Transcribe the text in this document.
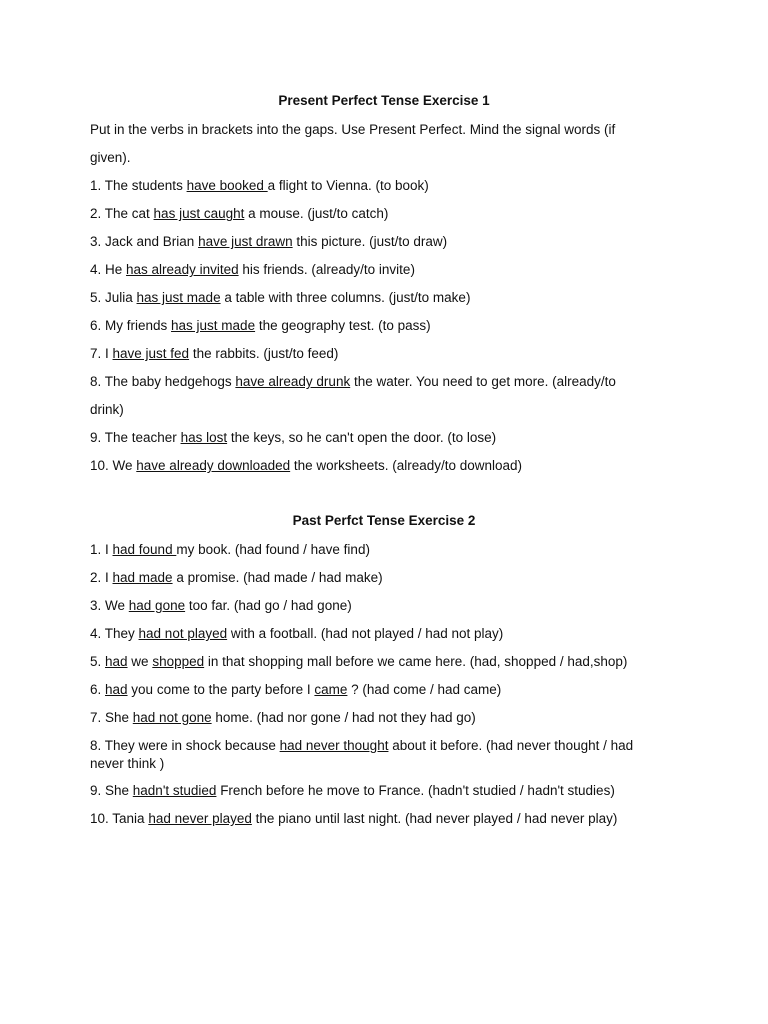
Present Perfect Tense Exercise 1
Put in the verbs in brackets into the gaps. Use Present Perfect. Mind the signal words (if
given).
1. The students have booked a flight to Vienna. (to book)
2. The cat has just caught a mouse. (just/to catch)
3. Jack and Brian have just drawn this picture. (just/to draw)
4. He has already invited his friends. (already/to invite)
5. Julia has just made a table with three columns. (just/to make)
6. My friends has just made the geography test. (to pass)
7. I have just fed the rabbits. (just/to feed)
8. The baby hedgehogs have already drunk the water. You need to get more. (already/to
drink)
9. The teacher has lost the keys, so he can't open the door. (to lose)
10. We have already downloaded the worksheets. (already/to download)
Past Perfct Tense Exercise 2
1. I had found my book. (had found / have find)
2. I had made a promise. (had made / had make)
3. We had gone too far. (had go / had gone)
4. They had not played with a football. (had not played / had not play)
5. had we shopped in that shopping mall before we came here. (had, shopped / had,shop)
6. had you come to the party before I came ? (had come / had came)
7. She had not gone home. (had nor gone / had not they had go)
8. They were in shock because had never thought about it before. (had never thought / had
never think )
9. She hadn't studied French before he move to France. (hadn't studied / hadn't studies)
10. Tania had never played the piano until last night. (had never played / had never play)
